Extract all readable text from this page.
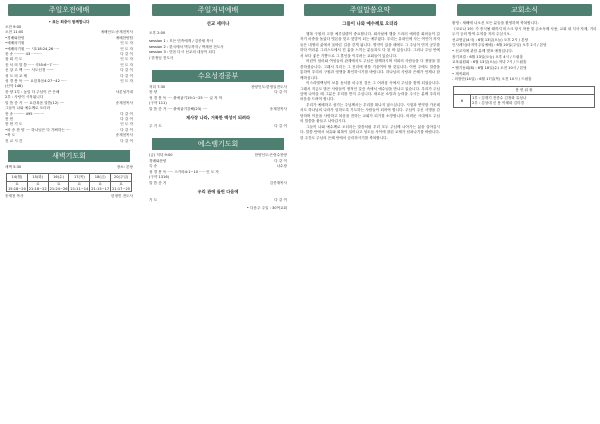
주일오전예배
• 표는 회중이 함께합니다
오전 9:00
오전 11:00	예배인도:송재천목사
•경배와찬양	예배찬양팀
•예배의기원	인 도 자
•예배의기원 ···· 시118:24,26 ····	인 도 자
찬 송 ········· 43 ·········	다 같 이
참 회 기 도	인 도 자
응 서 의 말 씀 ····· 시55:6~7 ·····	인 도 자
신 앙 고 백 ······ 사도신경 ·······	다 같 이
성 도 의 교 제	다 같 이
성 경 봉 독 ····· 요한복음4:27~42 ·····	인 도 자
(신약 148)
찬 양 1부 : 높임 다 주님이 큰 은혜	샤론성가대
2부 : 사랑이 시작됩니다
말 씀 증 거 ···· 요한복음 말씀(12) ····	송재천목사
그들이 나와 예수께로 오더라
찬 송 ········· 495 ·········	다 같 이
봉 헌	다 같 이
봉 헌 기 도	인 도 자
•파 송 찬 양 ···· 하나님은 다 기뻐하는 ····	다 같 이
•축 도	송재천목사
친 교 시 간	다 같 이
새벽기도회
새벽 5:30	장소: 본당
14(월)	15(화)	16(수)	17(목)	18(금)	20(주일)
요15:18~20	요21:18~22	요21:24~26	요21:11~14	요21:15~17	요21:17~25
송재천 목사	한정민 전도사
주일저녁예배
선교 세미나
오후 2:00
session 1 : 모든 민족에게 / 김종세 목사
session 2 : 한국에서 벽두까지 / 박재현 전도사
session 3 : 믿음 다시 선교의 대상이 되다
/ 한정임 전도사
수요성경공부
저녁 7:30	찬양인도:한영일전도사
찬 양	다 같 이
성 경 봉 독 ···· 출애굽기19:1~25 ···· 글 자 막
(구약 111)
말 씀 증 거 ···· 출애굽기강해(23) ····	송재천목사
제사장 나라, 거룩한 백성이 되려라
주 기 도	다 같 이
예스램기도회
(금) 저녁 9:00	찬양인도:은랑수찬양
경배와찬양	다 같 이
특 송	나수장
성 경 봉 독 ····· 스가랴4:1~10 ····· 인 도 자
(구약 1316)
말 씀 증 거	김종재목사
우리 관에 들린 다음에
기 도	다 같 이
• 다음주 주일 : 30여교회
주일말씀요약
그들이 나와 예수께로 오더라

행복 구원의 고장 예루살렘이 중요합니다. 회사날에 행을 드리러 예비한 회의들이 갑자기 마중을 돌았다 엿몬을 맞고 헛맘이 되는 예부였다. 우리는 유내인에 사는 여인이 자자들은 내생의 삶에서 올바른 길을 걷게 됩니다. 명약이 있을 때에도 그 주님이 먼저 공부를 하다 여러분 그리스도에서 진 흉을 느끼는 분들과도 다 된 바 있습니다. 그러나 주님 안에서 보다 좋은 기쁨으로 그 혼인을 이루려는 교회들이 있습니다.

어린이 엄마와 여성들의 관계에서도 주님은 함께하시며 저희의 사람들을 다 정답을 말씀하셨습니다. 그래서 우리는 그 진리에 귀를 기울여야 할 것입니다. 이번 주에도 말씀을 통하여 우리의 구원과 영생을 확인하시기를 바랍니다. 하나님의 사랑과 은혜가 언제나 함께하십니다.

이스라엘백성이 보통 동서를 마주친 것은 그 어려움 속에서 주님을 찾게 되었습니다. 그래서 지금도 많은 사람들이 영적인 갈증 속에서 예수님을 만나고 있습니다. 우리가 주님 앞에 나아올 때 그분은 우리를 반겨 주십니다. 새로운 소망과 능력을 주시는 분께 우리의 마음을 드려야 합니다.

우리가 예배하고 섬기는 주님께서는 우리를 떠나지 않으십니다. 시험과 연약함 가운데서도 하나님의 나라가 임하도록 기도하는 사람들이 되어야 합니다. 주님이 주신 사명을 감당하며 이웃을 사랑하고 복음을 전하는 교회가 되기를 소망합니다. 어려운 시대에도 주님의 말씀을 붙들고 나아갑시다.

그들이 나와 예수께로 오더라는 말씀처럼 우리 모두 주님께 나아가는 삶을 살아갑시다. 말씀 안에서 치유와 회복이 일어나고 성도들 사이에 참된 교제가 넘쳐나기를 바랍니다. 한 주간도 주님의 은혜 안에서 승리하시기를 축복합니다.

교회소식
환영 : 새해에 나오신 모든 분들을 환영하며 축복합니다.
《코로나 19》가 종식될 때까지 미스크 항시 착용 및 손소독제 사용, 교회 내 식사 자제, 거리두기 등의 방역 수칙을 지켜 주십시오.
선교헌금(4시) : 6월 13일(오늘) 오후 2시 / 본당
인사례식(마지막주일예배) : 6월 20일(주일) 오후 2시 / 본당
• 신교지에 관한 분께 발표 예정입니다.
장기표결 : 6월 13일(오늘) 오후 4시 / 드림홀
교육위원회 : 6월 13일(오늘) 저녁 7시 / 드림홀
• 헬기동회(8) : 6월 18일(수) 오전 10시 / 본당
• 재직회의
- 의장단(14일) : 6월 17일(목) 오전 10시 / 드림홀
봉 헌 위 원
6	
1부 : 김재기 전종수 김정화 유성나
2부 : 김상대 신 용 이혜화 김미경
